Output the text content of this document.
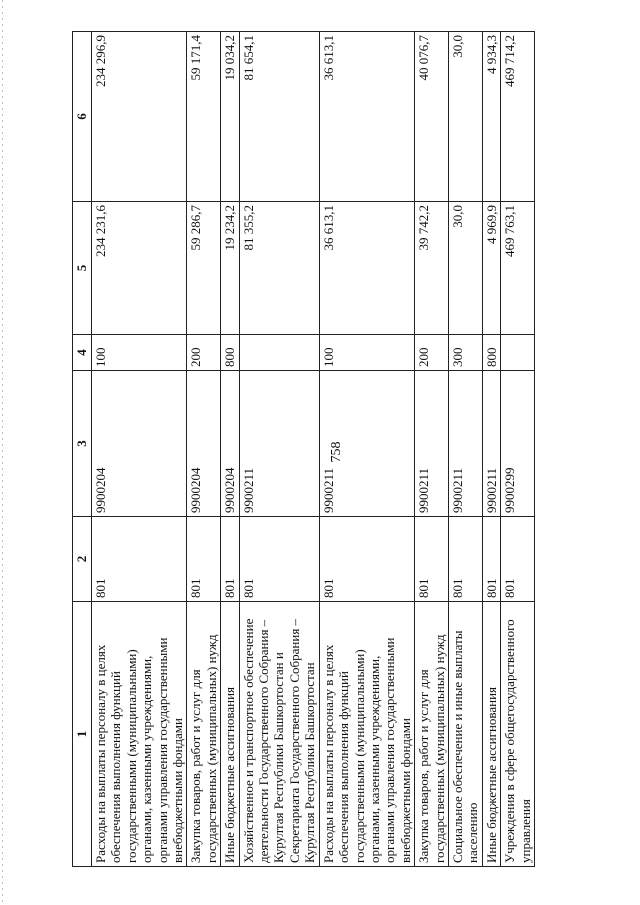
758
1	2	3	4	5	6
Расходы на выплаты персоналу в целях обеспечения выполнения функций государственными (муниципальными) органами, казенными учреждениями, органами управления государственными внебюджетными фондами	801	9900204	100	234 231,6	234 296,9
Закупка товаров, работ и услуг для государственных (муниципальных) нужд	801	9900204	200	59 286,7	59 171,4
Иные бюджетные ассигнования	801	9900204	800	19 234,2	19 034,2
Хозяйственное и транспортное обеспечение деятельности Государственного Собрания – Курултая Республики Башкортостан и Секретариата Государственного Собрания – Курултая Республики Башкортостан	801	9900211		81 355,2	81 654,1
Расходы на выплаты персоналу в целях обеспечения выполнения функций государственными (муниципальными) органами, казенными учреждениями, органами управления государственными внебюджетными фондами	801	9900211	100	36 613,1	36 613,1
Закупка товаров, работ и услуг для государственных (муниципальных) нужд	801	9900211	200	39 742,2	40 076,7
Социальное обеспечение и иные выплаты населению	801	9900211	300	30,0	30,0
Иные бюджетные ассигнования	801	9900211	800	4 969,9	4 934,3
Учреждения в сфере общегосударственного управления	801	9900299		469 763,1	469 714,2
